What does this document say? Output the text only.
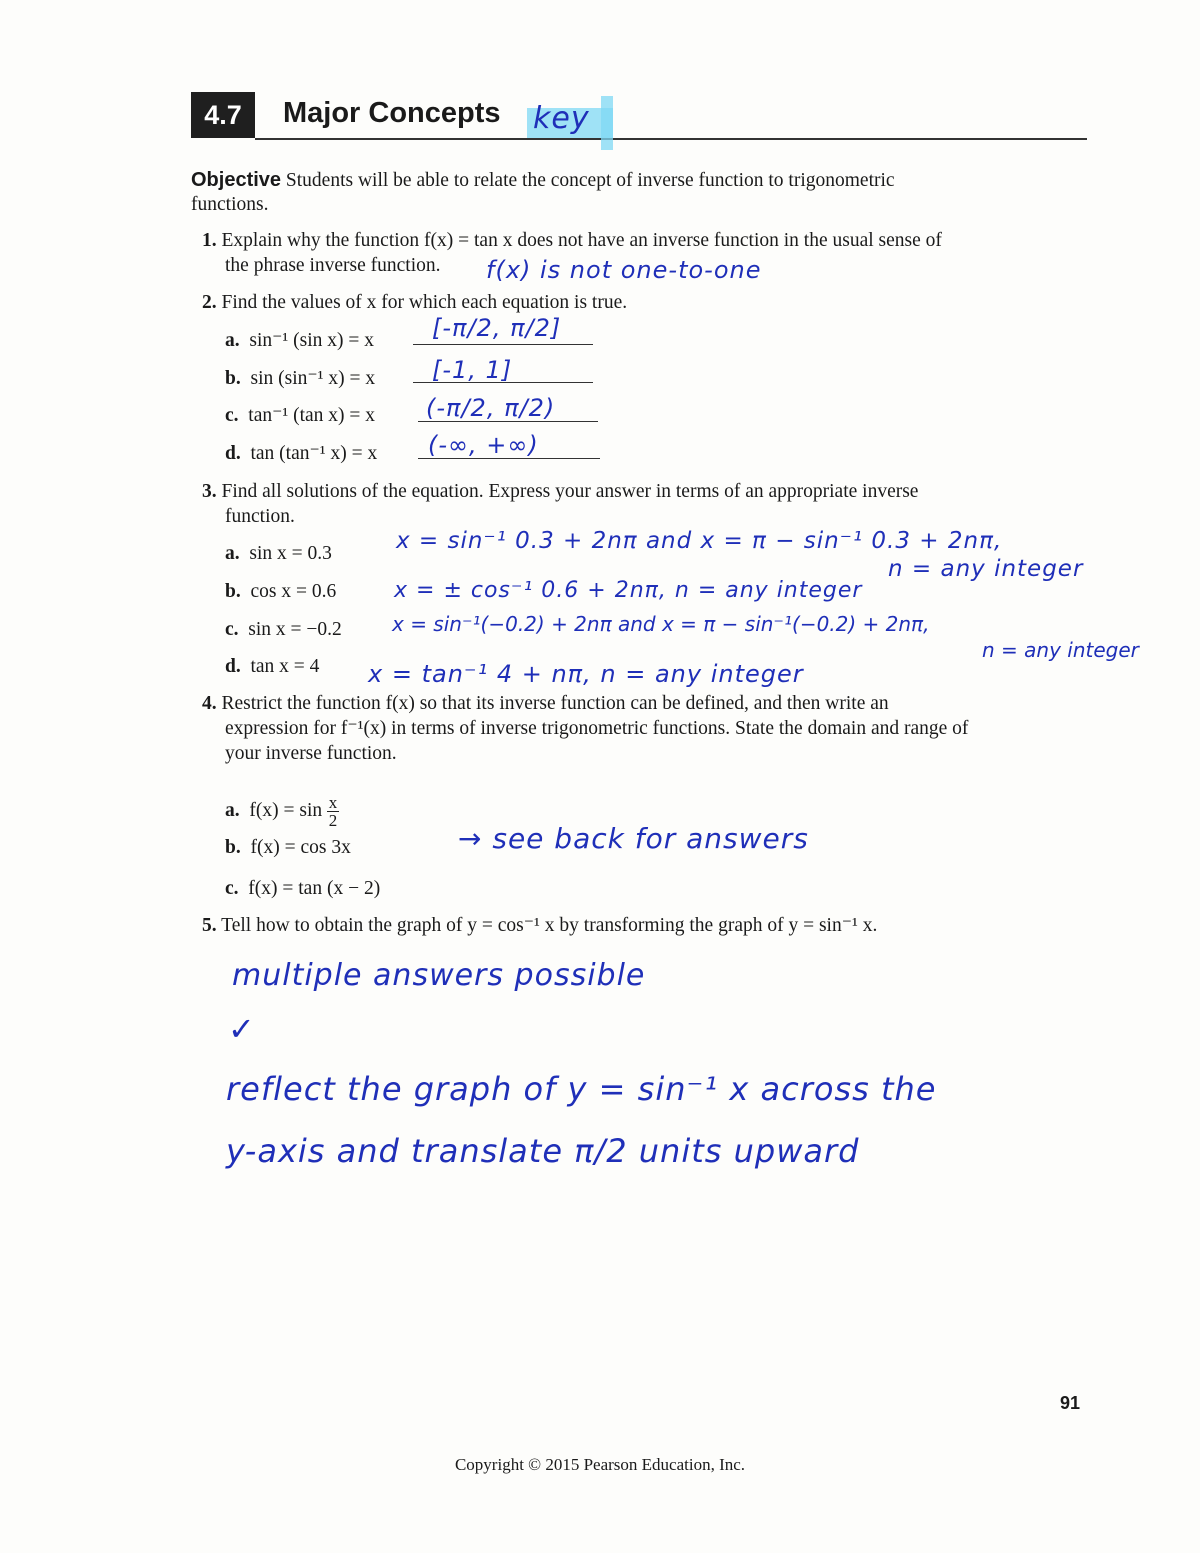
4.7 Major Concepts key
Objective Students will be able to relate the concept of inverse function to trigonometric
functions.
1. Explain why the function f(x) = tan x does not have an inverse function in the usual sense of
the phrase inverse function. f(x) is not one-to-one
2. Find the values of x for which each equation is true.
a. sin⁻¹ (sin x) = x [-π/2, π/2]
b. sin (sin⁻¹ x) = x [-1, 1]
c. tan⁻¹ (tan x) = x (-π/2, π/2)
d. tan (tan⁻¹ x) = x (-∞, +∞)
3. Find all solutions of the equation. Express your answer in terms of an appropriate inverse
function.
a. sin x = 0.3	x = sin⁻¹ 0.3 + 2nπ and x = π − sin⁻¹ 0.3 + 2nπ,
n = any integer
b. cos x = 0.6	x = ± cos⁻¹ 0.6 + 2nπ, n = any integer
c. sin x = −0.2	x = sin⁻¹(−0.2) + 2nπ and x = π − sin⁻¹(−0.2) + 2nπ,
n = any integer
d. tan x = 4 x = tan⁻¹ 4 + nπ, n = any integer
4. Restrict the function f(x) so that its inverse function can be defined, and then write an
expression for f⁻¹(x) in terms of inverse trigonometric functions. State the domain and range of
your inverse function.
a. $f(x) = \sin \frac{x}{2}$
b. f(x) = cos 3x	→ see back for answers
c. f(x) = tan (x − 2)
5. Tell how to obtain the graph of y = cos⁻¹ x by transforming the graph of y = sin⁻¹ x.
multiple answers possible
✓
reflect the graph of y = sin⁻¹ x across the
y-axis and translate π/2 units upward
91
Copyright © 2015 Pearson Education, Inc.
